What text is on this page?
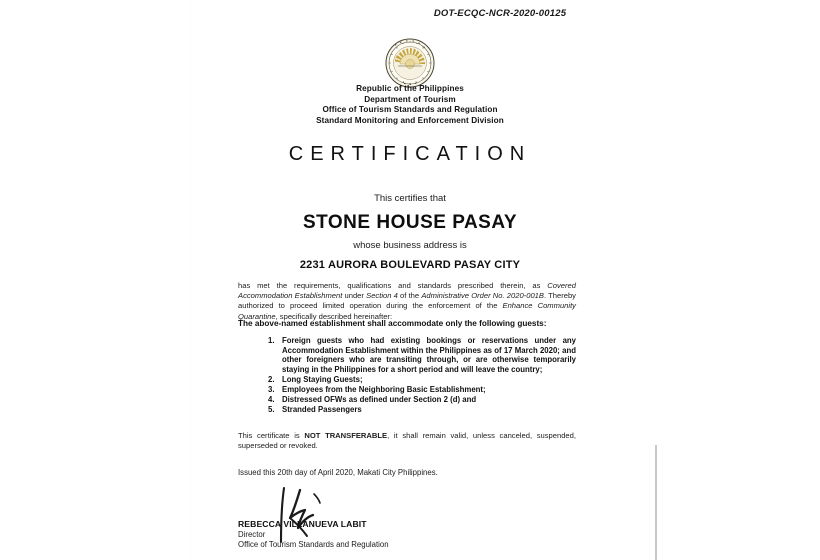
DOT-ECQC-NCR-2020-00125
Republic of the Philippines
Department of Tourism
Office of Tourism Standards and Regulation
Standard Monitoring and Enforcement Division
CERTIFICATION
This certifies that
STONE HOUSE PASAY
whose business address is
2231 AURORA BOULEVARD PASAY CITY
has met the requirements, qualifications and standards prescribed therein, as Covered Accommodation Establishment under Section 4 of the Administrative Order No. 2020-001B. Thereby authorized to proceed limited operation during the enforcement of the Enhance Community Quarantine, specifically described hereinafter:
The above-named establishment shall accommodate only the following guests:
1. Foreign guests who had existing bookings or reservations under any Accommodation Establishment within the Philippines as of 17 March 2020; and other foreigners who are transiting through, or are otherwise temporarily staying in the Philippines for a short period and will leave the country;
2. Long Staying Guests;
3. Employees from the Neighboring Basic Establishment;
4. Distressed OFWs as defined under Section 2 (d) and
5. Stranded Passengers
This certificate is NOT TRANSFERABLE, it shall remain valid, unless canceled, suspended, superseded or revoked.
Issued this 20th day of April 2020, Makati City Philippines.
REBECCA VILLANUEVA LABIT
Director
Office of Tourism Standards and Regulation
